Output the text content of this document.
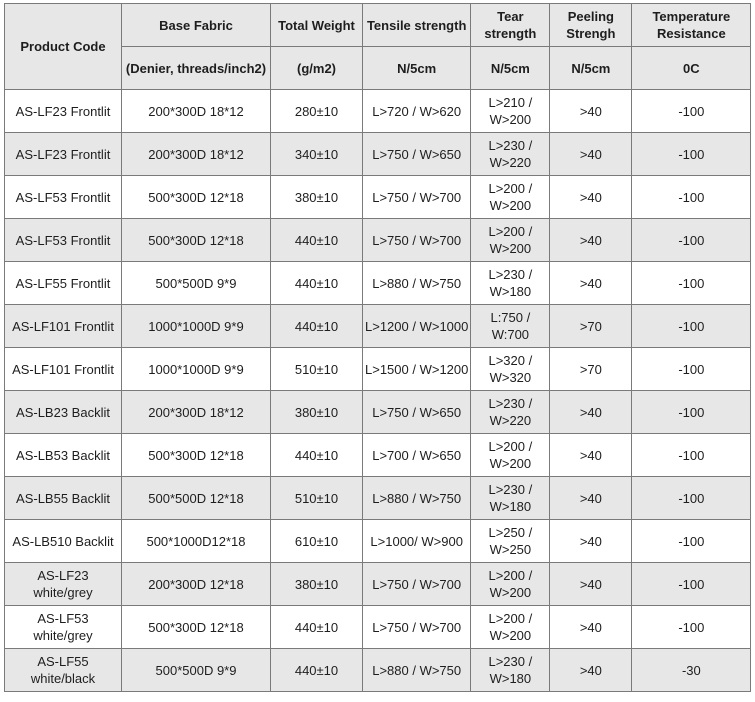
Product Code	Base Fabric	Total Weight	Tensile strength	Tear strength	Peeling Strengh	Temperature Resistance
	(Denier, threads/inch2)	(g/m2)	N/5cm	N/5cm	N/5cm	0C
AS-LF23 Frontlit	200*300D 18*12	280±10	L>720 / W>620	L>210 / W>200	>40	-100
AS-LF23 Frontlit	200*300D 18*12	340±10	L>750 / W>650	L>230 / W>220	>40	-100
AS-LF53 Frontlit	500*300D 12*18	380±10	L>750 / W>700	L>200 / W>200	>40	-100
AS-LF53 Frontlit	500*300D 12*18	440±10	L>750 / W>700	L>200 / W>200	>40	-100
AS-LF55 Frontlit	500*500D 9*9	440±10	L>880 / W>750	L>230 / W>180	>40	-100
AS-LF101 Frontlit	1000*1000D 9*9	440±10	L>1200 / W>1000	L:750 / W:700	>70	-100
AS-LF101 Frontlit	1000*1000D 9*9	510±10	L>1500 / W>1200	L>320 / W>320	>70	-100
AS-LB23 Backlit	200*300D 18*12	380±10	L>750 / W>650	L>230 / W>220	>40	-100
AS-LB53 Backlit	500*300D 12*18	440±10	L>700 / W>650	L>200 / W>200	>40	-100
AS-LB55 Backlit	500*500D 12*18	510±10	L>880 / W>750	L>230 / W>180	>40	-100
AS-LB510 Backlit	500*1000D12*18	610±10	L>1000/ W>900	L>250 / W>250	>40	-100
AS-LF23 white/grey	200*300D 12*18	380±10	L>750 / W>700	L>200 / W>200	>40	-100
AS-LF53 white/grey	500*300D 12*18	440±10	L>750 / W>700	L>200 / W>200	>40	-100
AS-LF55 white/black	500*500D 9*9	440±10	L>880 / W>750	L>230 / W>180	>40	-30
